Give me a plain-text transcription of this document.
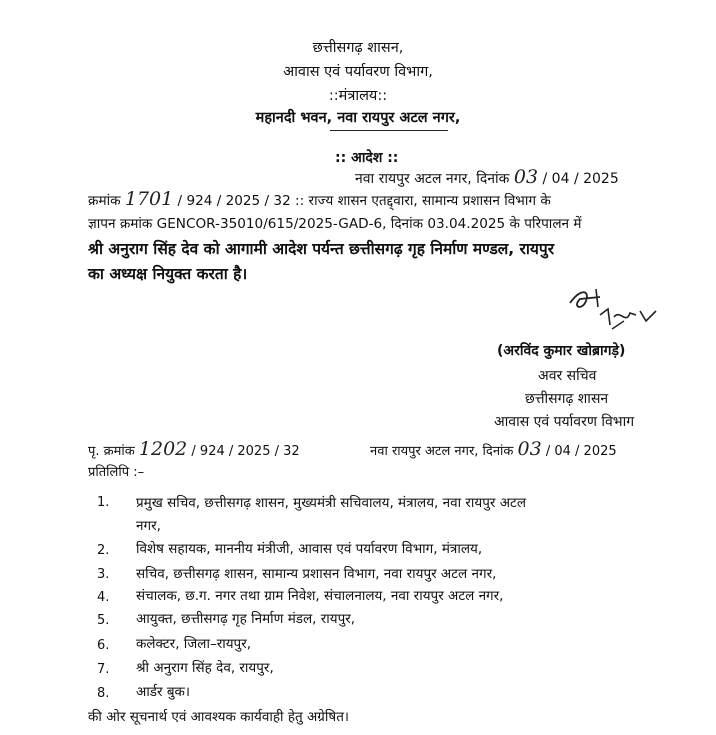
छत्तीसगढ़ शासन,
आवास एवं पर्यावरण विभाग,
::मंत्रालय::
महानदी भवन, नवा रायपुर अटल नगर,
:: आदेश ::
नवा रायपुर अटल नगर, दिनांक 03 / 04 / 2025
क्रमांक 1701 / 924 / 2025 / 32 :: राज्य शासन एतद्द्वारा, सामान्य प्रशासन विभाग के
ज्ञापन क्रमांक GENCOR-35010/615/2025-GAD-6, दिनांक 03.04.2025 के परिपालन में
श्री अनुराग सिंह देव को आगामी आदेश पर्यन्त छत्तीसगढ़ गृह निर्माण मण्डल, रायपुर
का अध्यक्ष नियुक्त करता है।
(अरविंद कुमार खोब्रागड़े)
अवर सचिव
छत्तीसगढ़ शासन
आवास एवं पर्यावरण विभाग
पृ. क्रमांक 1202 / 924 / 2025 / 32	नवा रायपुर अटल नगर, दिनांक 03 / 04 / 2025
प्रतिलिपि :–
1. प्रमुख सचिव, छत्तीसगढ़ शासन, मुख्यमंत्री सचिवालय, मंत्रालय, नवा रायपुर अटल
नगर,
2. विशेष सहायक, माननीय मंत्रीजी, आवास एवं पर्यावरण विभाग, मंत्रालय,
3. सचिव, छत्तीसगढ़ शासन, सामान्य प्रशासन विभाग, नवा रायपुर अटल नगर,
4. संचालक, छ.ग. नगर तथा ग्राम निवेश, संचालनालय, नवा रायपुर अटल नगर,
5. आयुक्त, छत्तीसगढ़ गृह निर्माण मंडल, रायपुर,
6. कलेक्टर, जिला–रायपुर,
7. श्री अनुराग सिंह देव, रायपुर,
8. आर्डर बुक।
की ओर सूचनार्थ एवं आवश्यक कार्यवाही हेतु अग्रेषित।
